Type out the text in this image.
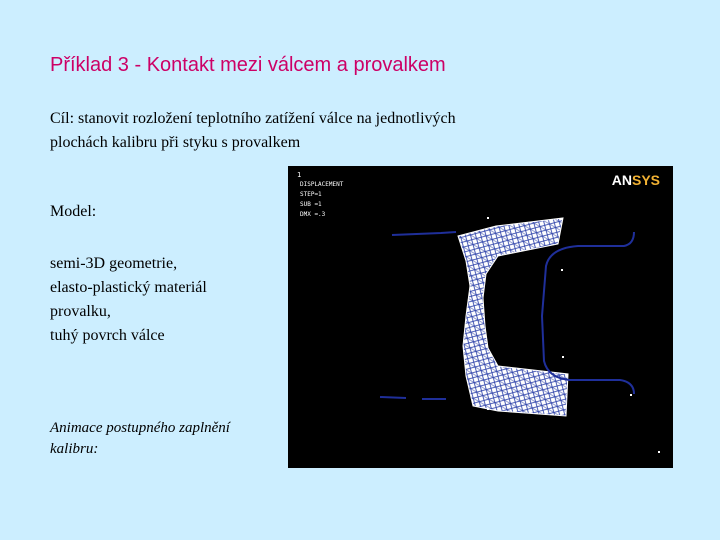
Příklad 3 - Kontakt mezi válcem a provalkem
Cíl: stanovit rozložení teplotního zatížení válce na jednotlivých
plochách kalibru při styku s provalkem
Model:
semi-3D geometrie,
elasto-plastický materiál
provalku,
tuhý povrch válce
Animace postupného zaplnění
kalibru:
1
DISPLACEMENT
STEP=1
SUB =1
DMX =.3
ANSYS
